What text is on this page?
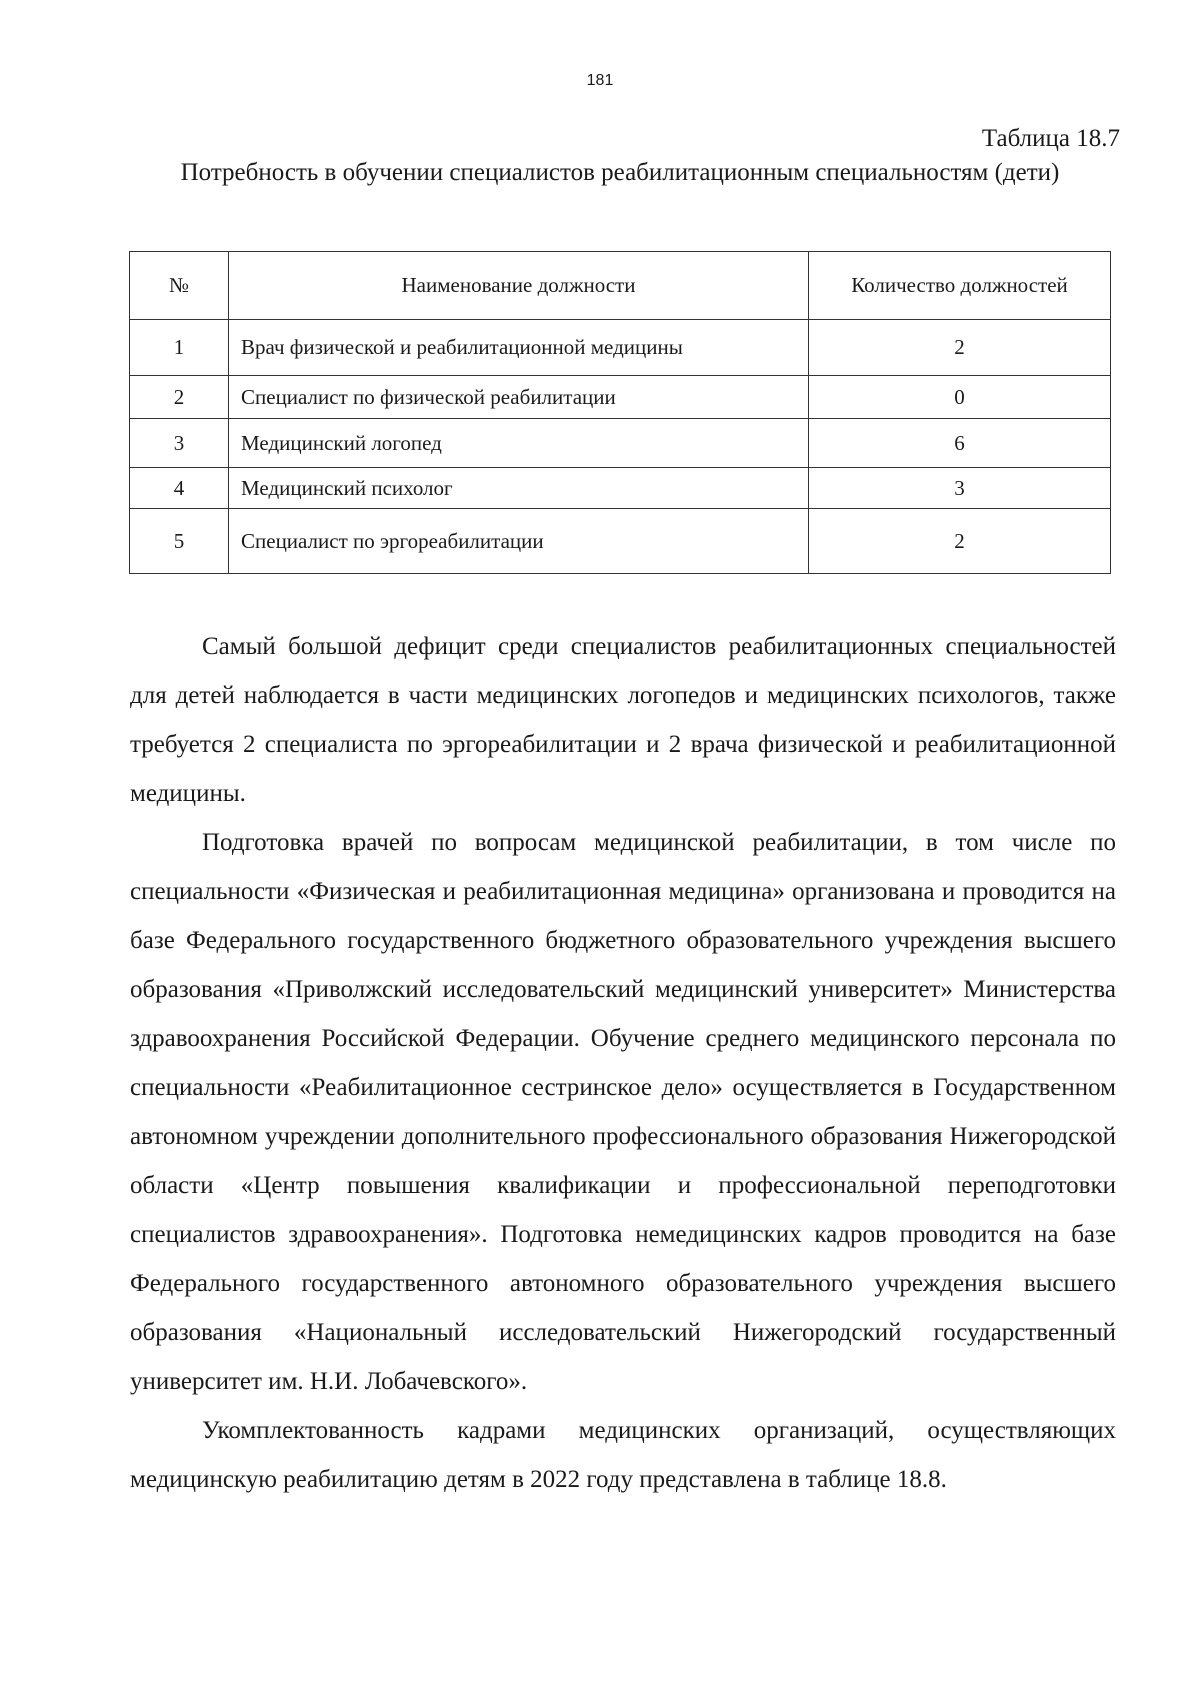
181
Таблица 18.7
Потребность в обучении специалистов реабилитационным специальностям (дети)
№	Наименование должности	Количество должностей
1	Врач физической и реабилитационной медицины	2
2	Специалист по физической реабилитации	0
3	Медицинский логопед	6
4	Медицинский психолог	3
5	Специалист по эргореабилитации	2

Самый большой дефицит среди специалистов реабилитационных специальностей для детей наблюдается в части медицинских логопедов и медицинских психологов, также требуется 2 специалиста по эргореабилитации и 2 врача физической и реабилитационной медицины.

Подготовка врачей по вопросам медицинской реабилитации, в том числе по специальности «Физическая и реабилитационная медицина» организована и проводится на базе Федерального государственного бюджетного образовательного учреждения высшего образования «Приволжский исследовательский медицинский университет» Министерства здравоохранения Российской Федерации. Обучение среднего медицинского персонала по специальности «Реабилитационное сестринское дело» осуществляется в Государственном автономном учреждении дополнительного профессионального образования Нижегородской области «Центр повышения квалификации и профессиональной переподготовки специалистов здравоохранения». Подготовка немедицинских кадров проводится на базе Федерального государственного автономного образовательного учреждения высшего образования «Национальный исследовательский Нижегородский государственный университет им. Н.И. Лобачевского».

Укомплектованность кадрами медицинских организаций, осуществляющих медицинскую реабилитацию детям в 2022 году представлена в таблице 18.8.
